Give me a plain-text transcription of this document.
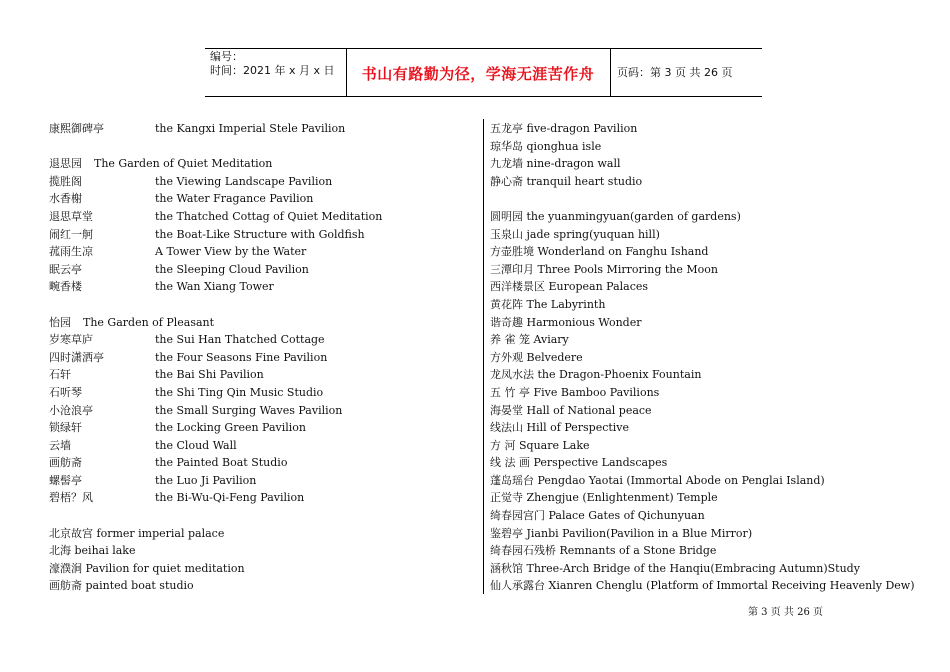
编号：
时间：2021 年 x 月 x 日	书山有路勤为径，学海无涯苦作舟	页码：第 3 页 共 26 页
康熙御碑亭	the Kangxi Imperial Stele Pavilion
退思园 The Garden of Quiet Meditation
揽胜阁	the Viewing Landscape Pavilion
水香榭	the Water Fragance Pavilion
退思草堂	the Thatched Cottag of Quiet Meditation
闹红一舸	the Boat-Like Structure with Goldfish
菰雨生凉	A Tower View by the Water
眠云亭	the Sleeping Cloud Pavilion
畹香楼	the Wan Xiang Tower
怡园 The Garden of Pleasant
岁寒草庐	the Sui Han Thatched Cottage
四时潇洒亭	the Four Seasons Fine Pavilion
石轩	the Bai Shi Pavilion
石听琴	the Shi Ting Qin Music Studio
小沧浪亭	the Small Surging Waves Pavilion
锁绿轩	the Locking Green Pavilion
云墙	the Cloud Wall
画舫斋	the Painted Boat Studio
螺髻亭	the Luo Ji Pavilion
碧梧？风	the Bi-Wu-Qi-Feng Pavilion
北京故宫 former imperial palace
北海 beihai lake
濠濮涧 Pavilion for quiet meditation
画舫斋 painted boat studio
五龙亭 five-dragon Pavilion
琼华岛 qionghua isle
九龙墙 nine-dragon wall
静心斋 tranquil heart studio
圆明园 the yuanmingyuan(garden of gardens)
玉泉山 jade spring(yuquan hill)
方壶胜境 Wonderland on Fanghu Ishand
三潭印月 Three Pools Mirroring the Moon
西洋楼景区 European Palaces
黄花阵 The Labyrinth
谐奇趣 Harmonious Wonder
养 雀 笼 Aviary
方外观 Belvedere
龙凤水法 the Dragon-Phoenix Fountain
五 竹 亭 Five Bamboo Pavilions
海晏堂 Hall of National peace
线法山 Hill of Perspective
方 河 Square Lake
线 法 画 Perspective Landscapes
蓬岛瑶台 Pengdao Yaotai (Immortal Abode on Penglai Island)
正觉寺 Zhengjue (Enlightenment) Temple
绮春园宫门 Palace Gates of Qichunyuan
鉴碧亭 Jianbi Pavilion(Pavilion in a Blue Mirror)
绮春园石残桥 Remnants of a Stone Bridge
涵秋馆 Three-Arch Bridge of the Hanqiu(Embracing Autumn)Study
仙人承露台 Xianren Chenglu (Platform of Immortal Receiving Heavenly Dew)
第 3 页 共 26 页
